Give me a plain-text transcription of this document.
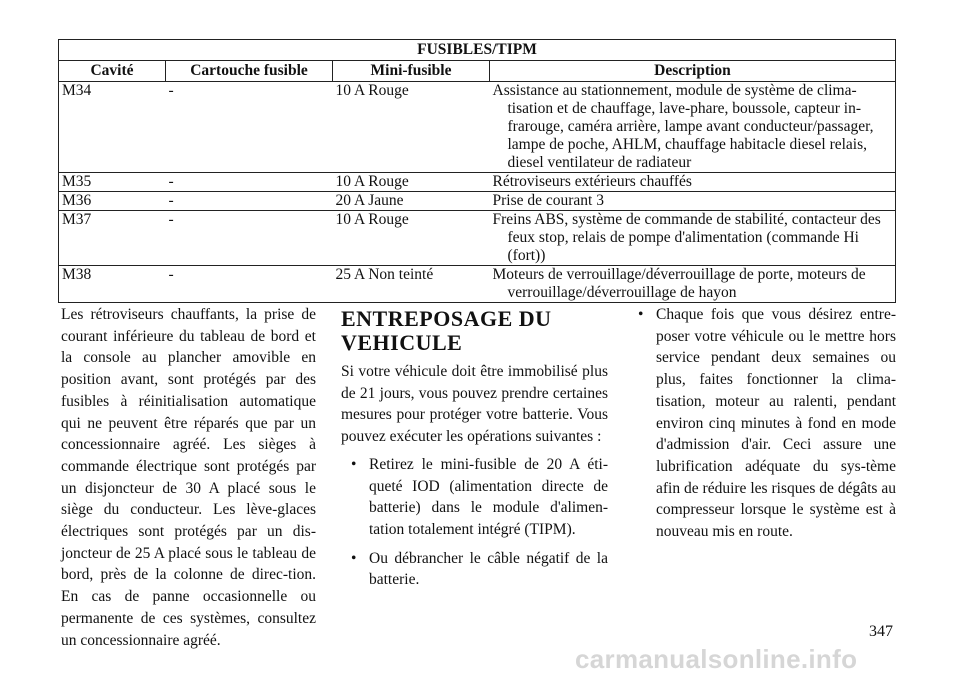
FUSIBLES/TIPM			
Cavité	Cartouche fusible	Mini-fusible	Description
M34	-	10 A Rouge	Assistance au stationnement, module de système de clima-tisation et de chauffage, lave-phare, boussole, capteur in-frarouge, caméra arrière, lampe avant conducteur/passager, lampe de poche, AHLM, chauffage habitacle diesel relais, diesel ventilateur de radiateur
M35	-	10 A Rouge	Rétroviseurs extérieurs chauffés
M36	-	20 A Jaune	Prise de courant 3
M37	-	10 A Rouge	Freins ABS, système de commande de stabilité, contacteur des feux stop, relais de pompe d'alimentation (commande Hi (fort))
M38	-	25 A Non teinté	Moteurs de verrouillage/déverrouillage de porte, moteurs de verrouillage/déverrouillage de hayon

Les rétroviseurs chauffants, la prise de courant inférieure du tableau de bord et la console au plancher amovible en position avant, sont protégés par des fusibles à réinitialisation automatique qui ne peuvent être réparés que par un concessionnaire agréé. Les sièges à commande électrique sont protégés par un disjoncteur de 30 A placé sous le siège du conducteur. Les lève-glaces électriques sont protégés par un dis-joncteur de 25 A placé sous le tableau de bord, près de la colonne de direc-tion. En cas de panne occasionnelle ou permanente de ces systèmes, consultez un concessionnaire agréé.

ENTREPOSAGE DU VEHICULE

Si votre véhicule doit être immobilisé plus de 21 jours, vous pouvez prendre certaines mesures pour protéger votre batterie. Vous pouvez exécuter les opérations suivantes :

• Retirez le mini-fusible de 20 A éti-queté IOD (alimentation directe de batterie) dans le module d'alimen-tation totalement intégré (TIPM).
• Ou débrancher le câble négatif de la batterie.
• Chaque fois que vous désirez entre-poser votre véhicule ou le mettre hors service pendant deux semaines ou plus, faites fonctionner la clima-tisation, moteur au ralenti, pendant environ cinq minutes à fond en mode d'admission d'air. Ceci assure une lubrification adéquate du sys-tème afin de réduire les risques de dégâts au compresseur lorsque le système est à nouveau mis en route.
347
carmanualsonline.info
